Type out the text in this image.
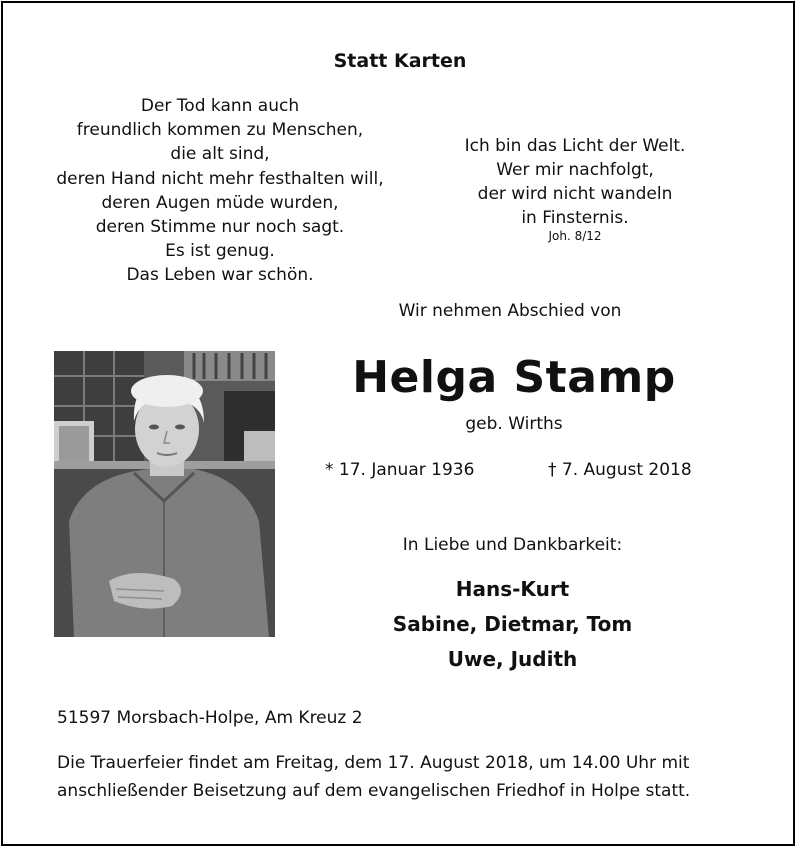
Statt Karten
Der Tod kann auch
freundlich kommen zu Menschen,
die alt sind,
deren Hand nicht mehr festhalten will,
deren Augen müde wurden,
deren Stimme nur noch sagt.
Es ist genug.
Das Leben war schön.
Ich bin das Licht der Welt.
Wer mir nachfolgt,
der wird nicht wandeln
in Finsternis.
Joh. 8/12
Wir nehmen Abschied von
Helga Stamp
geb. Wirths
* 17. Januar 1936	† 7. August 2018
In Liebe und Dankbarkeit:
Hans-Kurt
Sabine, Dietmar, Tom
Uwe, Judith
51597 Morsbach-Holpe, Am Kreuz 2
Die Trauerfeier findet am Freitag, dem 17. August 2018, um 14.00 Uhr mit
anschließender Beisetzung auf dem evangelischen Friedhof in Holpe statt.
